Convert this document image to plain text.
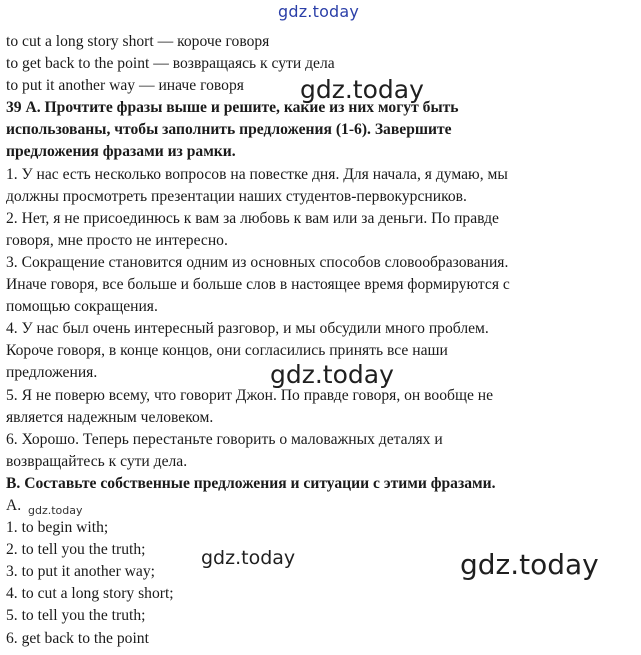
gdz.today
to cut a long story short — короче говоря
to get back to the point — возвращаясь к сути дела
to put it another way — иначе говоря
39 А. Прочтите фразы выше и решите, какие из них могут быть
использованы, чтобы заполнить предложения (1-6). Завершите
предложения фразами из рамки.
1. У нас есть несколько вопросов на повестке дня. Для начала, я думаю, мы
должны просмотреть презентации наших студентов-первокурсников.
2. Нет, я не присоединюсь к вам за любовь к вам или за деньги. По правде
говоря, мне просто не интересно.
3. Сокращение становится одним из основных способов словообразования.
Иначе говоря, все больше и больше слов в настоящее время формируются с
помощью сокращения.
4. У нас был очень интересный разговор, и мы обсудили много проблем.
Короче говоря, в конце концов, они согласились принять все наши
предложения.
5. Я не поверю всему, что говорит Джон. По правде говоря, он вообще не
является надежным человеком.
6. Хорошо. Теперь перестаньте говорить о маловажных деталях и
возвращайтесь к сути дела.
В. Составьте собственные предложения и ситуации с этими фразами.
А.
1. to begin with;
2. to tell you the truth;
3. to put it another way;
4. to cut a long story short;
5. to tell you the truth;
6. get back to the point
gdz.today
gdz.today
gdz.today
gdz.today	gdz.today
